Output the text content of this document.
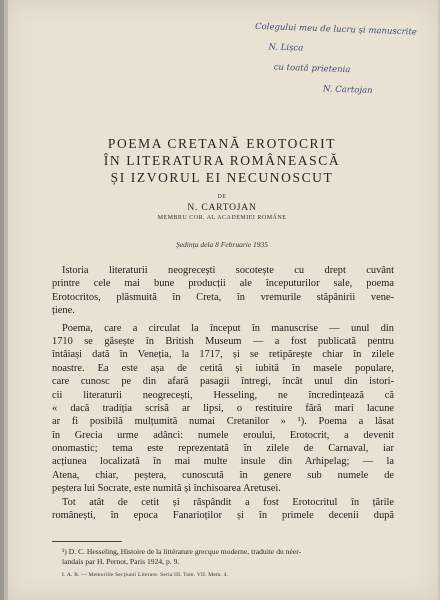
Colegului meu de lucru și manuscrite
N. Lișca
cu toată prietenia
N. Cartojan
POEMA CRETANĂ EROTOCRIT
ÎN LITERATURA ROMÂNEASCĂ
ȘI IZVORUL EI NECUNOSCUT
DE
N. CARTOJAN
MEMBRU COR. AL ACADEMIEI ROMÂNE
Ședința dela 8 Februarie 1935
Istoria literaturii neogrecești socotește cu drept cuvânt
printre cele mai bune producții ale începuturilor sale, poema
Erotocritos, plăsmuită în Creta, în vremurile stăpânirii vene-
țiene.
Poema, care a circulat la început în manuscrise — unul din
1710 se găsește în British Museum — a fost publicată pentru
întâiași dată în Veneția, la 1717, și se retipărește chiar în zilele
noastre. Ea este așa de cetită și iubită în masele populare,
care cunosc pe din afară pasagii întregi, încât unul din istori-
cii literaturii neogrecești, Hesseling, ne încredințează că
« dacă tradiția scrisă ar lipsi, o restituire fără mari lacune
ar fi posibilă mulțumită numai Cretanilor » ¹). Poema a lăsat
în Grecia urme adânci: numele eroului, Erotocrit, a devenit
onomastic; tema este reprezentată în zilele de Carnaval, iar
acțiunea localizată în mai multe insule din Arhipelag; — la
Atena, chiar, peștera, cunoscută în genere sub numele de
peștera lui Socrate, este numită și închisoarea Aretusei.
Tot atât de cetit și răspândit a fost Erotocritul în țările
românești, în epoca Fanarioților și în primele decenii după
¹) D. C. Hesseling, Histoire de la littérature grecque moderne, traduite du néer-
landais par H. Pernot, Paris 1924, p. 9.
I. A. R. — Memoriile Secțiunii Literare. Seria III. Tom. VII. Mem. 4.
